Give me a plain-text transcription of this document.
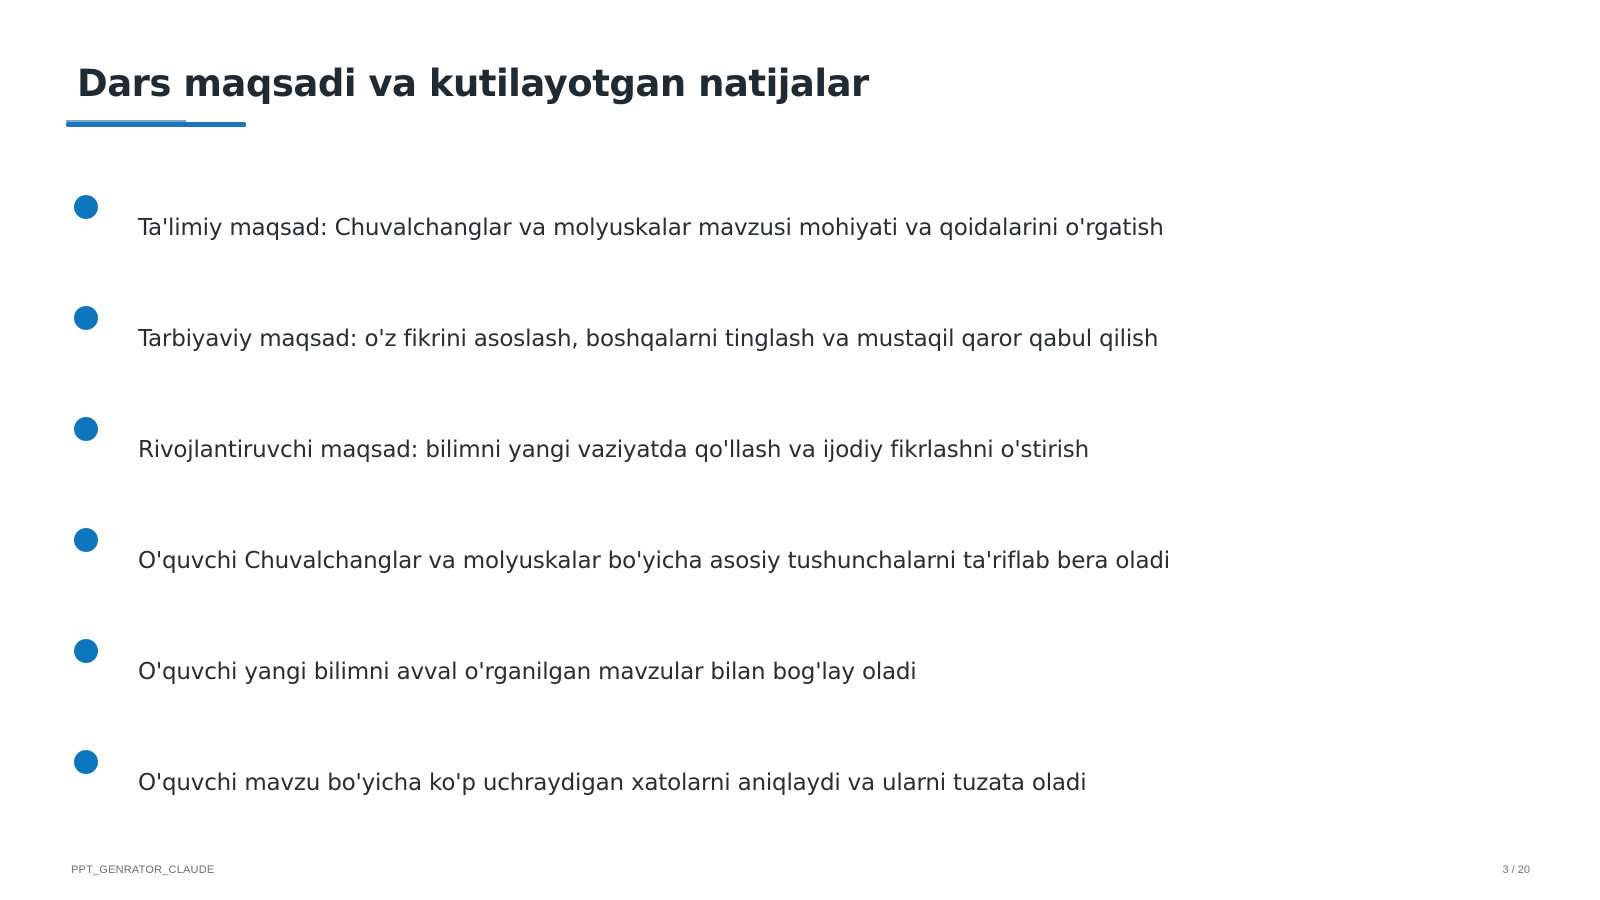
Dars maqsadi va kutilayotgan natijalar
Ta'limiy maqsad: Chuvalchanglar va molyuskalar mavzusi mohiyati va qoidalarini o'rgatish
Tarbiyaviy maqsad: o'z fikrini asoslash, boshqalarni tinglash va mustaqil qaror qabul qilish
Rivojlantiruvchi maqsad: bilimni yangi vaziyatda qo'llash va ijodiy fikrlashni o'stirish
O'quvchi Chuvalchanglar va molyuskalar bo'yicha asosiy tushunchalarni ta'riflab bera oladi
O'quvchi yangi bilimni avval o'rganilgan mavzular bilan bog'lay oladi
O'quvchi mavzu bo'yicha ko'p uchraydigan xatolarni aniqlaydi va ularni tuzata oladi
PPT_GENRATOR_CLAUDE	3 / 20
